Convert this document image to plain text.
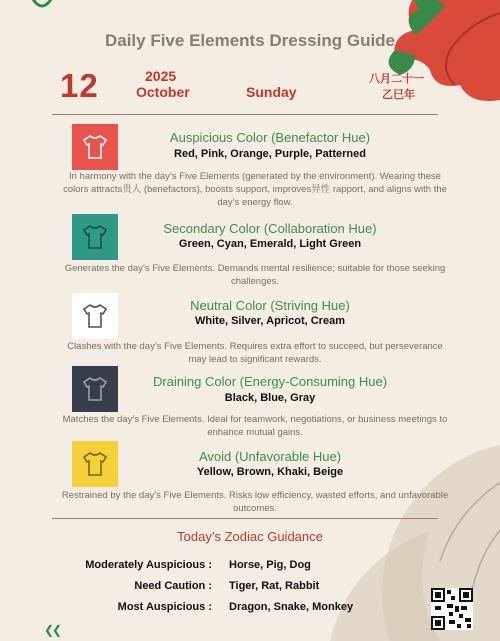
Daily Five Elements Dressing Guide
12	2025
October	Sunday
八月二十一
乙巳年
Auspicious Color (Benefactor Hue)
Red, Pink, Orange, Purple, Patterned
In harmony with the day’s Five Elements (generated by the environment). Wearing these colors attracts贵人 (benefactors), boosts support, improves异性 rapport, and aligns with the day’s energy flow.
Secondary Color (Collaboration Hue)
Green, Cyan, Emerald, Light Green
Generates the day’s Five Elements. Demands mental resilience; suitable for those seeking challenges.
Neutral Color (Striving Hue)
White, Silver, Apricot, Cream
Clashes with the day’s Five Elements. Requires extra effort to succeed, but perseverance may lead to significant rewards.
Draining Color (Energy-Consuming Hue)
Black, Blue, Gray
Matches the day’s Five Elements. Ideal for teamwork, negotiations, or business meetings to enhance mutual gains.
Avoid (Unfavorable Hue)
Yellow, Brown, Khaki, Beige
Restrained by the day’s Five Elements. Risks low efficiency, wasted efforts, and unfavorable outcomes.
Today’s Zodiac Guidance
Moderately Auspicious : Horse, Pig, Dog
Need Caution : Tiger, Rat, Rabbit
Most Auspicious : Dragon, Snake, Monkey
❮❮
